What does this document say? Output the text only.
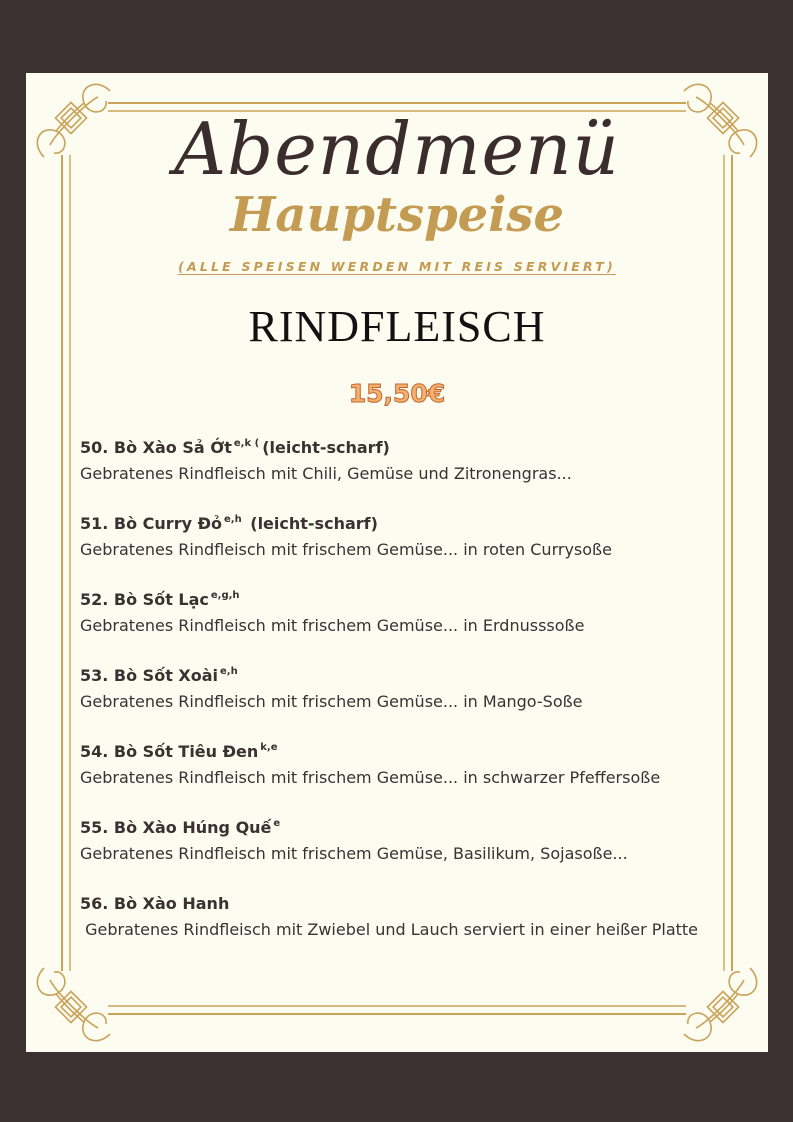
Abendmenü
Hauptspeise
(ALLE SPEISEN WERDEN MIT REIS SERVIERT)
RINDFLEISCH
15,50€
50. Bò Xào Sả Ớt $^{e,k (}$ (leicht-scharf)
Gebratenes Rindfleisch mit Chili, Gemüse und Zitronengras...
51. Bò Curry Đỏ $^{e,h}$ (leicht-scharf)
Gebratenes Rindfleisch mit frischem Gemüse... in roten Currysoße
52. Bò Sốt Lạc $^{e,g,h}$
Gebratenes Rindfleisch mit frischem Gemüse... in Erdnusssoße
53. Bò Sốt Xoài $^{e,h}$
Gebratenes Rindfleisch mit frischem Gemüse... in Mango-Soße
54. Bò Sốt Tiêu Đen $^{k,e}$
Gebratenes Rindfleisch mit frischem Gemüse... in schwarzer Pfeffersoße
55. Bò Xào Húng Quế $^e$
Gebratenes Rindfleisch mit frischem Gemüse, Basilikum, Sojasoße...
56. Bò Xào Hanh
Gebratenes Rindfleisch mit Zwiebel und Lauch serviert in einer heißer Platte
